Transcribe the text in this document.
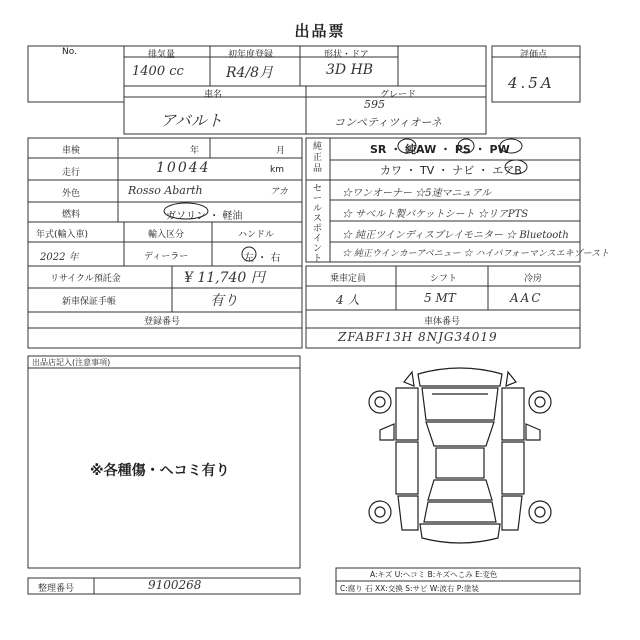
出品票
No.	排気量	初年度登録	形状・ドア	評価点
1400 cc	R4/8月	3D HB
4.5A
車名	グレード
アバルト
595
コンペティツィオーネ
車検	年	月
走行	10044	km
外色	Rosso Abarth	アカ
燃料	ガソリン ・ 軽油
年式(輸入車)	輸入区分	ハンドル
2022 年	ディーラー	左 ・ 右
リサイクル預託金	¥ 11,740 円
新車保証手帳	有り
登録番号
純正品
SR ・ 純AW ・ PS ・ PW
カワ ・ TV ・ ナビ ・ エアB
セールスポイント
☆ワンオーナー ☆5速マニュアル
☆ サベルト製バケットシート ☆リアPTS
☆ 純正ツインディスプレイモニター ☆ Bluetooth
☆ 純正ウインカーアベニュー ☆ ハイパフォーマンスエキゾースト
乗車定員	シフト	冷房
4 人	5 MT	AAC
車体番号
ZFABF13H 8NJG34019
出品店記入(注意事項)
※各種傷・ヘコミ有り
A:キズ U:ヘコミ B:キズへこみ E:変色
C:腐り 石 XX:交換 S:サビ W:波右 P:塗装
整理番号	9100268
